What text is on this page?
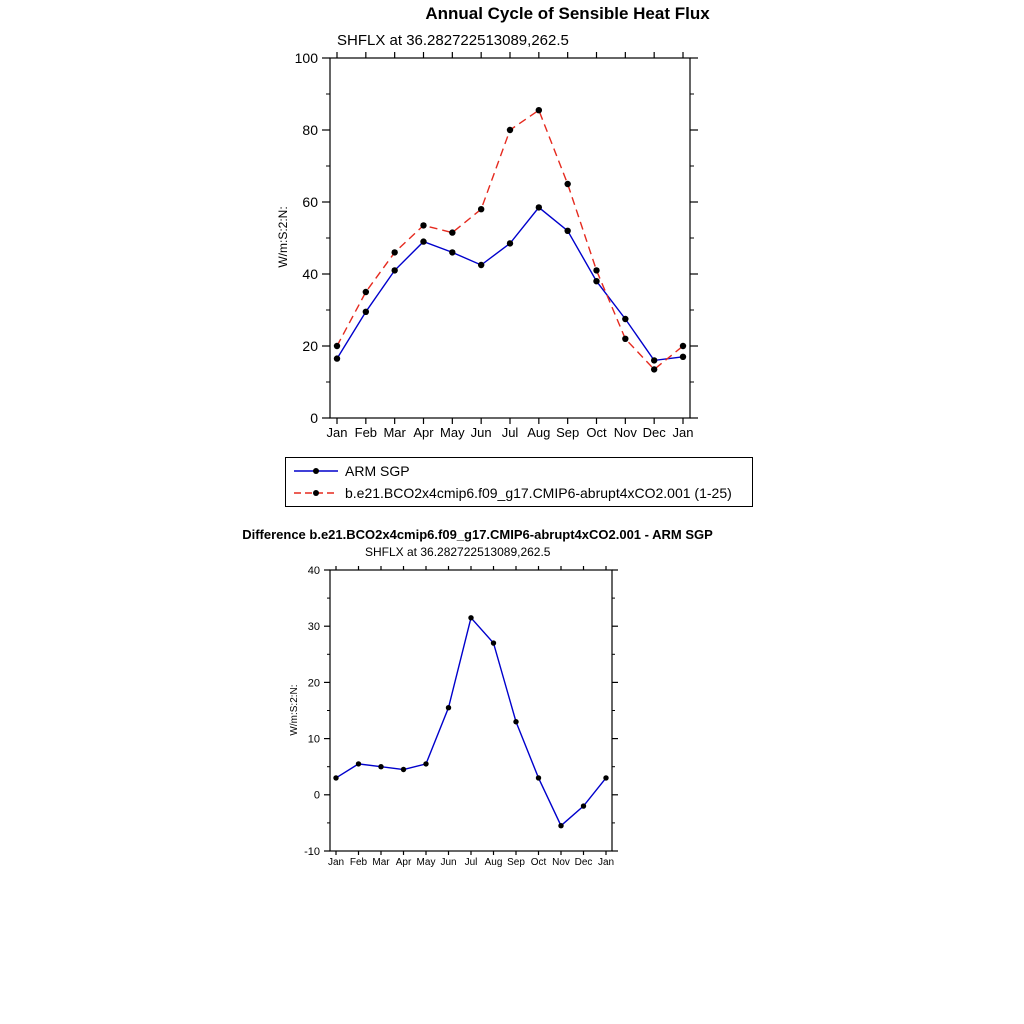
Annual Cycle of Sensible Heat Flux
SHFLX at 36.282722513089,262.5
W/m:S:2:N:
0
20
40
60
80
100
Jan Feb Mar Apr May Jun Jul Aug Sep Oct Nov Dec Jan
ARM SGP
b.e21.BCO2x4cmip6.f09_g17.CMIP6-abrupt4xCO2.001 (1-25)
Difference b.e21.BCO2x4cmip6.f09_g17.CMIP6-abrupt4xCO2.001 - ARM SGP
SHFLX at 36.282722513089,262.5
W/m:S:2:N:
-10
0
10
20
30
40
Jan Feb Mar Apr May Jun Jul Aug Sep Oct Nov Dec Jan
